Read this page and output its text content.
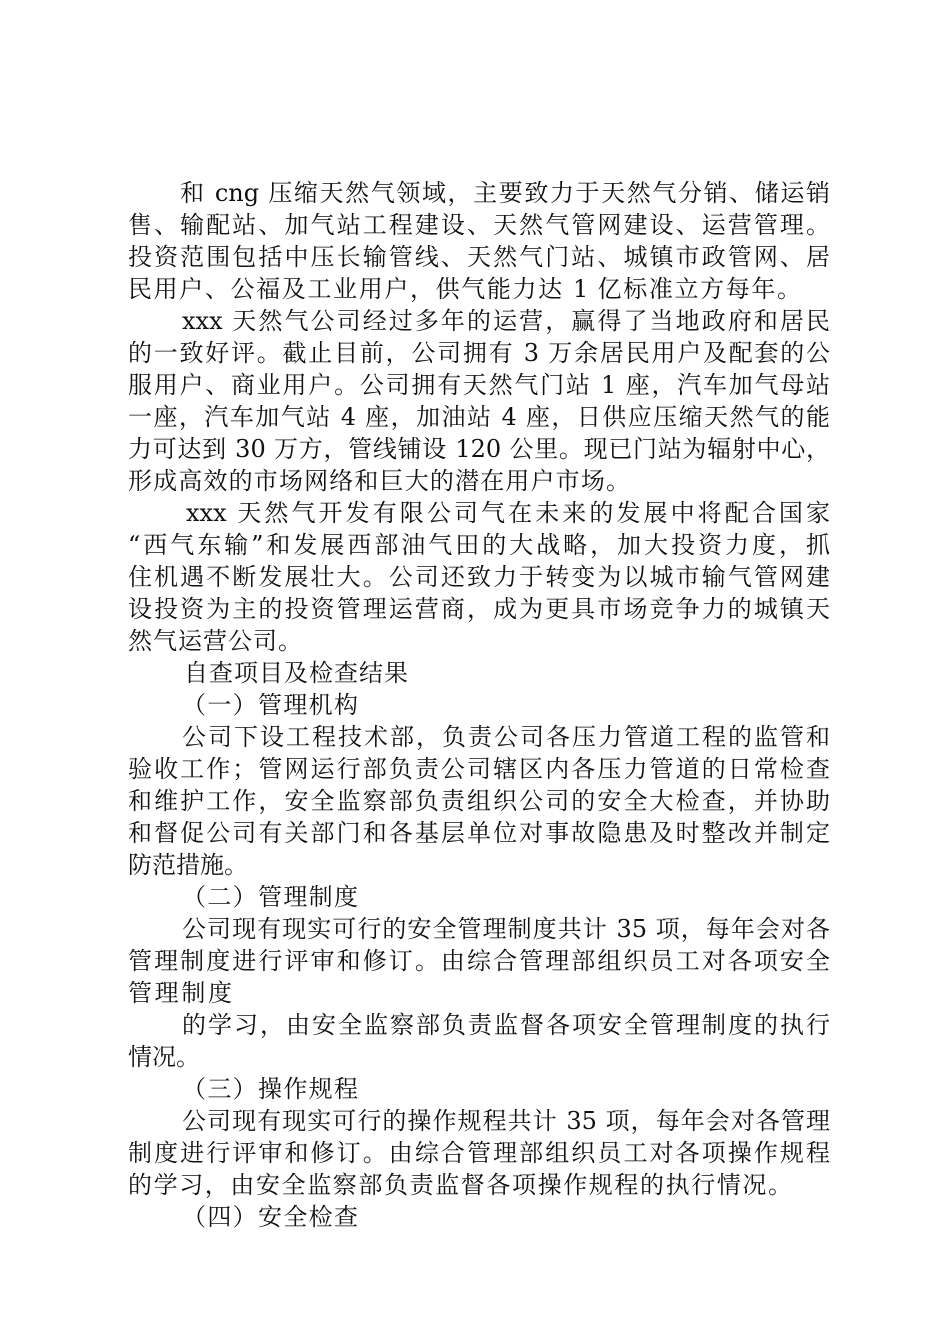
和 cng 压缩天然气领域，主要致力于天然气分销、储运销
售、输配站、加气站工程建设、天然气管网建设、运营管理。
投资范围包括中压长输管线、天然气门站、城镇市政管网、居
民用户、公福及工业用户，供气能力达 1 亿标准立方每年。
xxx 天然气公司经过多年的运营，赢得了当地政府和居民
的一致好评。截止目前，公司拥有 3 万余居民用户及配套的公
服用户、商业用户。公司拥有天然气门站 1 座，汽车加气母站
一座，汽车加气站 4 座，加油站 4 座，日供应压缩天然气的能
力可达到 30 万方，管线铺设 120 公里。现已门站为辐射中心，
形成高效的市场网络和巨大的潜在用户市场。
xxx 天然气开发有限公司气在未来的发展中将配合国家
“西气东输”和发展西部油气田的大战略，加大投资力度，抓
住机遇不断发展壮大。公司还致力于转变为以城市输气管网建
设投资为主的投资管理运营商，成为更具市场竞争力的城镇天
然气运营公司。
自查项目及检查结果
（一）管理机构
公司下设工程技术部，负责公司各压力管道工程的监管和
验收工作；管网运行部负责公司辖区内各压力管道的日常检查
和维护工作，安全监察部负责组织公司的安全大检查，并协助
和督促公司有关部门和各基层单位对事故隐患及时整改并制定
防范措施。
（二）管理制度
公司现有现实可行的安全管理制度共计 35 项，每年会对各
管理制度进行评审和修订。由综合管理部组织员工对各项安全
管理制度
的学习，由安全监察部负责监督各项安全管理制度的执行
情况。
（三）操作规程
公司现有现实可行的操作规程共计 35 项，每年会对各管理
制度进行评审和修订。由综合管理部组织员工对各项操作规程
的学习，由安全监察部负责监督各项操作规程的执行情况。
（四）安全检查
